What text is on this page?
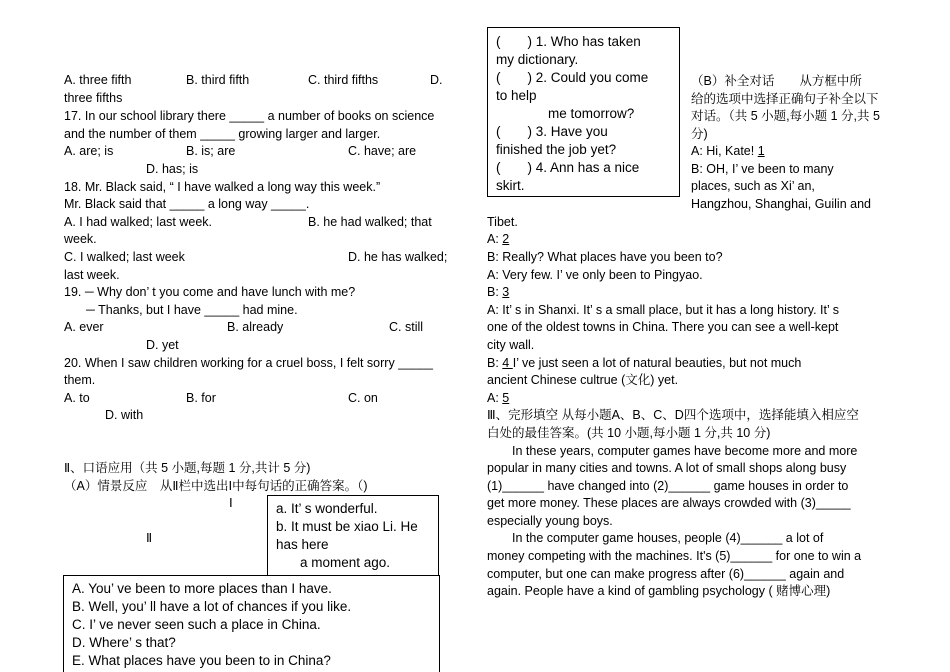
A. three fifth	B. third fifth	C. third fifths	D.
three fifths
17. In our school library there _____ a number of books on science
and the number of them _____ growing larger and larger.
A. are; is	B. is; are	C. have; are
D. has; is
18. Mr. Black said, “ I have walked a long way this week.”
Mr. Black said that _____ a long way _____.
A. I had walked; last week.	B. he had walked; that
week.
C. I walked; last week	D. he has walked;
last week.
19. ─ Why don’ t you come and have lunch with me?
─ Thanks, but I have _____ had mine.
A. ever	B. already	C. still
D. yet
20. When I saw children working for a cruel boss, I felt sorry _____
them.
A. to	B. for	C. on
D. with
Ⅱ、口语应用（共 5 小题,每题 1 分,共计 5 分)
（A）情景反应　从Ⅱ栏中选出Ⅰ中每句话的正确答案。（)
Ⅰ
Ⅱ
a. It’ s wonderful.
b. It must be xiao Li. He
has here
a moment ago.
A. You’ ve been to more places than I have.
B. Well, you’ ll have a lot of chances if you like.
C. I’ ve never seen such a place in China.
D. Where’ s that?
E. What places have you been to in China?
(　　) 1. Who has taken
my dictionary.
(　　) 2. Could you come
to help
me tomorrow?
(　　) 3. Have you
finished the job yet?
(　　) 4. Ann has a nice
skirt.
（B）补全对话　　从方框中所
给的选项中选择正确句子补全以下
对话。（共 5 小题,每小题 1 分,共 5
分)
A: Hi, Kate! 1
B: OH, I’ ve been to many
places, such as Xi’ an,
Hangzhou, Shanghai, Guilin and
Tibet.
A: 2
B: Really? What places have you been to?
A: Very few. I’ ve only been to Pingyao.
B: 3
A: It’ s in Shanxi. It’ s a small place, but it has a long history. It’ s
one of the oldest towns in China. There you can see a well-kept
city wall.
B: 4 I’ ve just seen a lot of natural beauties, but not much
ancient Chinese cultrue (文化) yet.
A: 5
Ⅲ、完形填空 从每小题A、B、C、D四个选项中，选择能填入相应空
白处的最佳答案。(共 10 小题,每小题 1 分,共 10 分)
In these years, computer games have become more and more
popular in many cities and towns. A lot of small shops along busy
(1)______ have changed into (2)______ game houses in order to
get more money. These places are always crowded with (3)_____
especially young boys.
In the computer game houses, people (4)______ a lot of
money competing with the machines. It's (5)______ for one to win a
computer, but one can make progress after (6)______ again and
again. People have a kind of gambling psychology ( 赌博心理)
